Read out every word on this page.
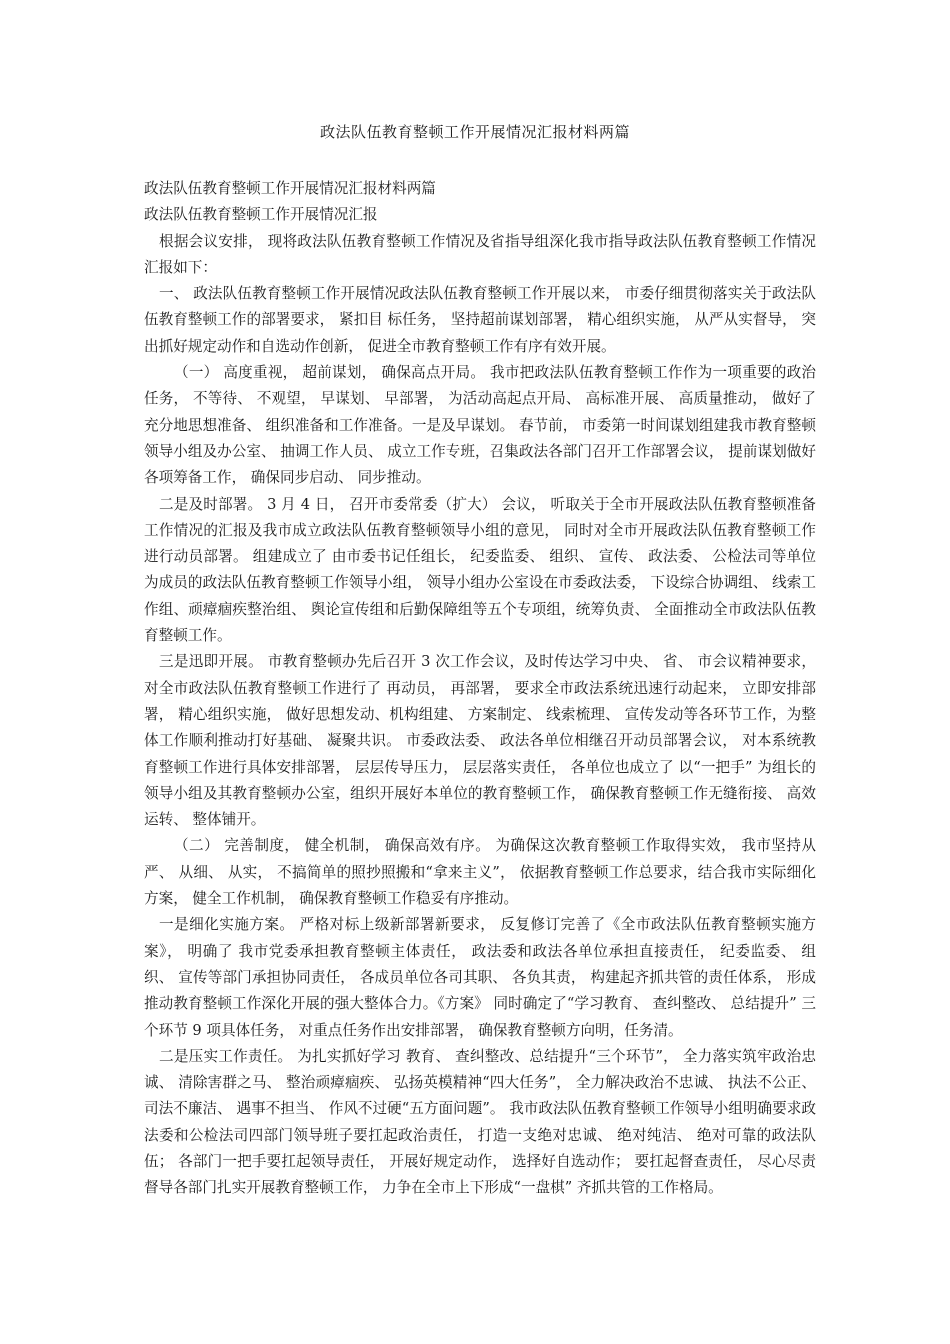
政法队伍教育整顿工作开展情况汇报材料两篇

政法队伍教育整顿工作开展情况汇报材料两篇

政法队伍教育整顿工作开展情况汇报

根据会议安排， 现将政法队伍教育整顿工作情况及省指导组深化我市指导政法队伍教育整顿工作情况汇报如下：

一、 政法队伍教育整顿工作开展情况政法队伍教育整顿工作开展以来， 市委仔细贯彻落实关于政法队伍教育整顿工作的部署要求， 紧扣目 标任务， 坚持超前谋划部署， 精心组织实施， 从严从实督导， 突出抓好规定动作和自选动作创新， 促进全市教育整顿工作有序有效开展。

（一） 高度重视， 超前谋划， 确保高点开局。 我市把政法队伍教育整顿工作作为一项重要的政治任务， 不等待、 不观望， 早谋划、 早部署， 为活动高起点开局、 高标准开展、 高质量推动， 做好了 充分地思想准备、 组织准备和工作准备。一是及早谋划。 春节前， 市委第一时间谋划组建我市教育整顿领导小组及办公室、 抽调工作人员、 成立工作专班，召集政法各部门召开工作部署会议， 提前谋划做好各项筹备工作， 确保同步启动、 同步推动。

二是及时部署。 3 月 4 日， 召开市委常委（扩大） 会议， 听取关于全市开展政法队伍教育整顿准备工作情况的汇报及我市成立政法队伍教育整顿领导小组的意见， 同时对全市开展政法队伍教育整顿工作进行动员部署。 组建成立了 由市委书记任组长， 纪委监委、 组织、 宣传、 政法委、 公检法司等单位为成员的政法队伍教育整顿工作领导小组， 领导小组办公室设在市委政法委， 下设综合协调组、 线索工作组、顽瘴痼疾整治组、 舆论宣传组和后勤保障组等五个专项组，统筹负责、 全面推动全市政法队伍教育整顿工作。

三是迅即开展。 市教育整顿办先后召开 3 次工作会议，及时传达学习中央、 省、 市会议精神要求， 对全市政法队伍教育整顿工作进行了 再动员， 再部署， 要求全市政法系统迅速行动起来， 立即安排部署， 精心组织实施， 做好思想发动、机构组建、 方案制定、 线索梳理、 宣传发动等各环节工作，为整体工作顺利推动打好基础、 凝聚共识。 市委政法委、 政法各单位相继召开动员部署会议， 对本系统教育整顿工作进行具体安排部署， 层层传导压力， 层层落实责任， 各单位也成立了 以“一把手” 为组长的领导小组及其教育整顿办公室，组织开展好本单位的教育整顿工作， 确保教育整顿工作无缝衔接、 高效运转、 整体铺开。

（二） 完善制度， 健全机制， 确保高效有序。 为确保这次教育整顿工作取得实效， 我市坚持从严、 从细、 从实， 不搞简单的照抄照搬和“拿来主义”， 依据教育整顿工作总要求，结合我市实际细化方案， 健全工作机制， 确保教育整顿工作稳妥有序推动。

一是细化实施方案。 严格对标上级新部署新要求， 反复修订完善了《全市政法队伍教育整顿实施方案》， 明确了 我市党委承担教育整顿主体责任， 政法委和政法各单位承担直接责任， 纪委监委、 组织、 宣传等部门承担协同责任， 各成员单位各司其职、 各负其责， 构建起齐抓共管的责任体系， 形成推动教育整顿工作深化开展的强大整体合力。《方案》 同时确定了“学习教育、 查纠整改、 总结提升” 三个环节 9 项具体任务， 对重点任务作出安排部署， 确保教育整顿方向明，任务清。

二是压实工作责任。 为扎实抓好学习 教育、 查纠整改、总结提升“三个环节”， 全力落实筑牢政治忠诚、 清除害群之马、 整治顽瘴痼疾、 弘扬英模精神“四大任务”， 全力解决政治不忠诚、 执法不公正、 司法不廉洁、 遇事不担当、 作风不过硬“五方面问题”。 我市政法队伍教育整顿工作领导小组明确要求政法委和公检法司四部门领导班子要扛起政治责任， 打造一支绝对忠诚、 绝对纯洁、 绝对可靠的政法队伍； 各部门一把手要扛起领导责任， 开展好规定动作， 选择好自选动作； 要扛起督查责任， 尽心尽责督导各部门扎实开展教育整顿工作， 力争在全市上下形成“一盘棋” 齐抓共管的工作格局。
